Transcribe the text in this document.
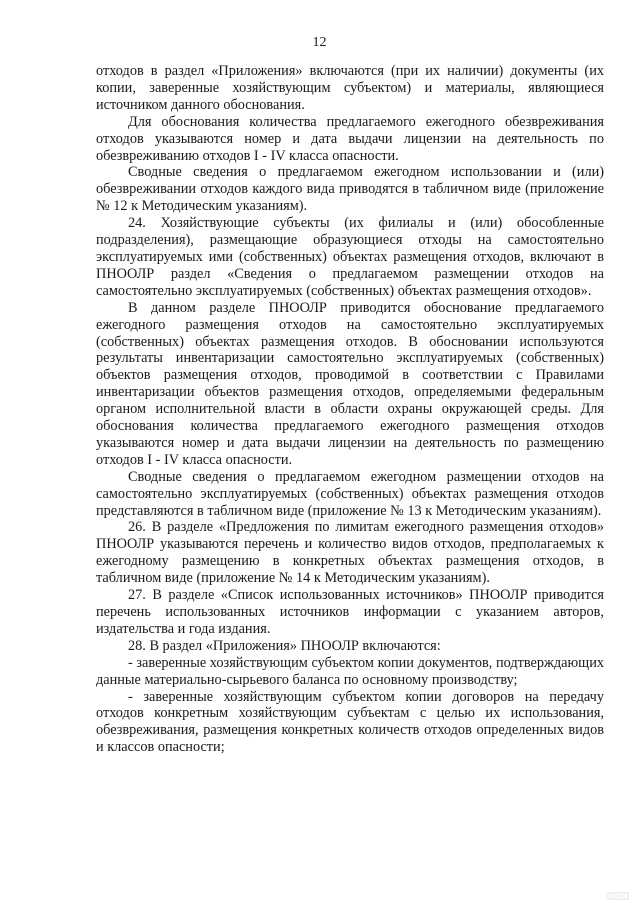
12

отходов в раздел «Приложения» включаются (при их наличии) документы (их копии, заверенные хозяйствующим субъектом) и материалы, являющиеся источником данного обоснования.

Для обоснования количества предлагаемого ежегодного обезвреживания отходов указываются номер и дата выдачи лицензии на деятельность по обезвреживанию отходов I - IV класса опасности.

Сводные сведения о предлагаемом ежегодном использовании и (или) обезвреживании отходов каждого вида приводятся в табличном виде (приложение № 12 к Методическим указаниям).

24. Хозяйствующие субъекты (их филиалы и (или) обособленные подразделения), размещающие образующиеся отходы на самостоятельно эксплуатируемых ими (собственных) объектах размещения отходов, включают в ПНООЛР раздел «Сведения о предлагаемом размещении отходов на самостоятельно эксплуатируемых (собственных) объектах размещения отходов».

В данном разделе ПНООЛР приводится обоснование предлагаемого ежегодного размещения отходов на самостоятельно эксплуатируемых (собственных) объектах размещения отходов. В обосновании используются результаты инвентаризации самостоятельно эксплуатируемых (собственных) объектов размещения отходов, проводимой в соответствии с Правилами инвентаризации объектов размещения отходов, определяемыми федеральным органом исполнительной власти в области охраны окружающей среды. Для обоснования количества предлагаемого ежегодного размещения отходов указываются номер и дата выдачи лицензии на деятельность по размещению отходов I - IV класса опасности.

Сводные сведения о предлагаемом ежегодном размещении отходов на самостоятельно эксплуатируемых (собственных) объектах размещения отходов представляются в табличном виде (приложение № 13 к Методическим указаниям).

26. В разделе «Предложения по лимитам ежегодного размещения отходов» ПНООЛР указываются перечень и количество видов отходов, предполагаемых к ежегодному размещению в конкретных объектах размещения отходов, в табличном виде (приложение № 14 к Методическим указаниям).

27. В разделе «Список использованных источников» ПНООЛР приводится перечень использованных источников информации с указанием авторов, издательства и года издания.

28. В раздел «Приложения» ПНООЛР включаются:

- заверенные хозяйствующим субъектом копии документов, подтверждающих данные материально-сырьевого баланса по основному производству;

- заверенные хозяйствующим субъектом копии договоров на передачу отходов конкретным хозяйствующим субъектам с целью их использования, обезвреживания, размещения конкретных количеств отходов определенных видов и классов опасности;
